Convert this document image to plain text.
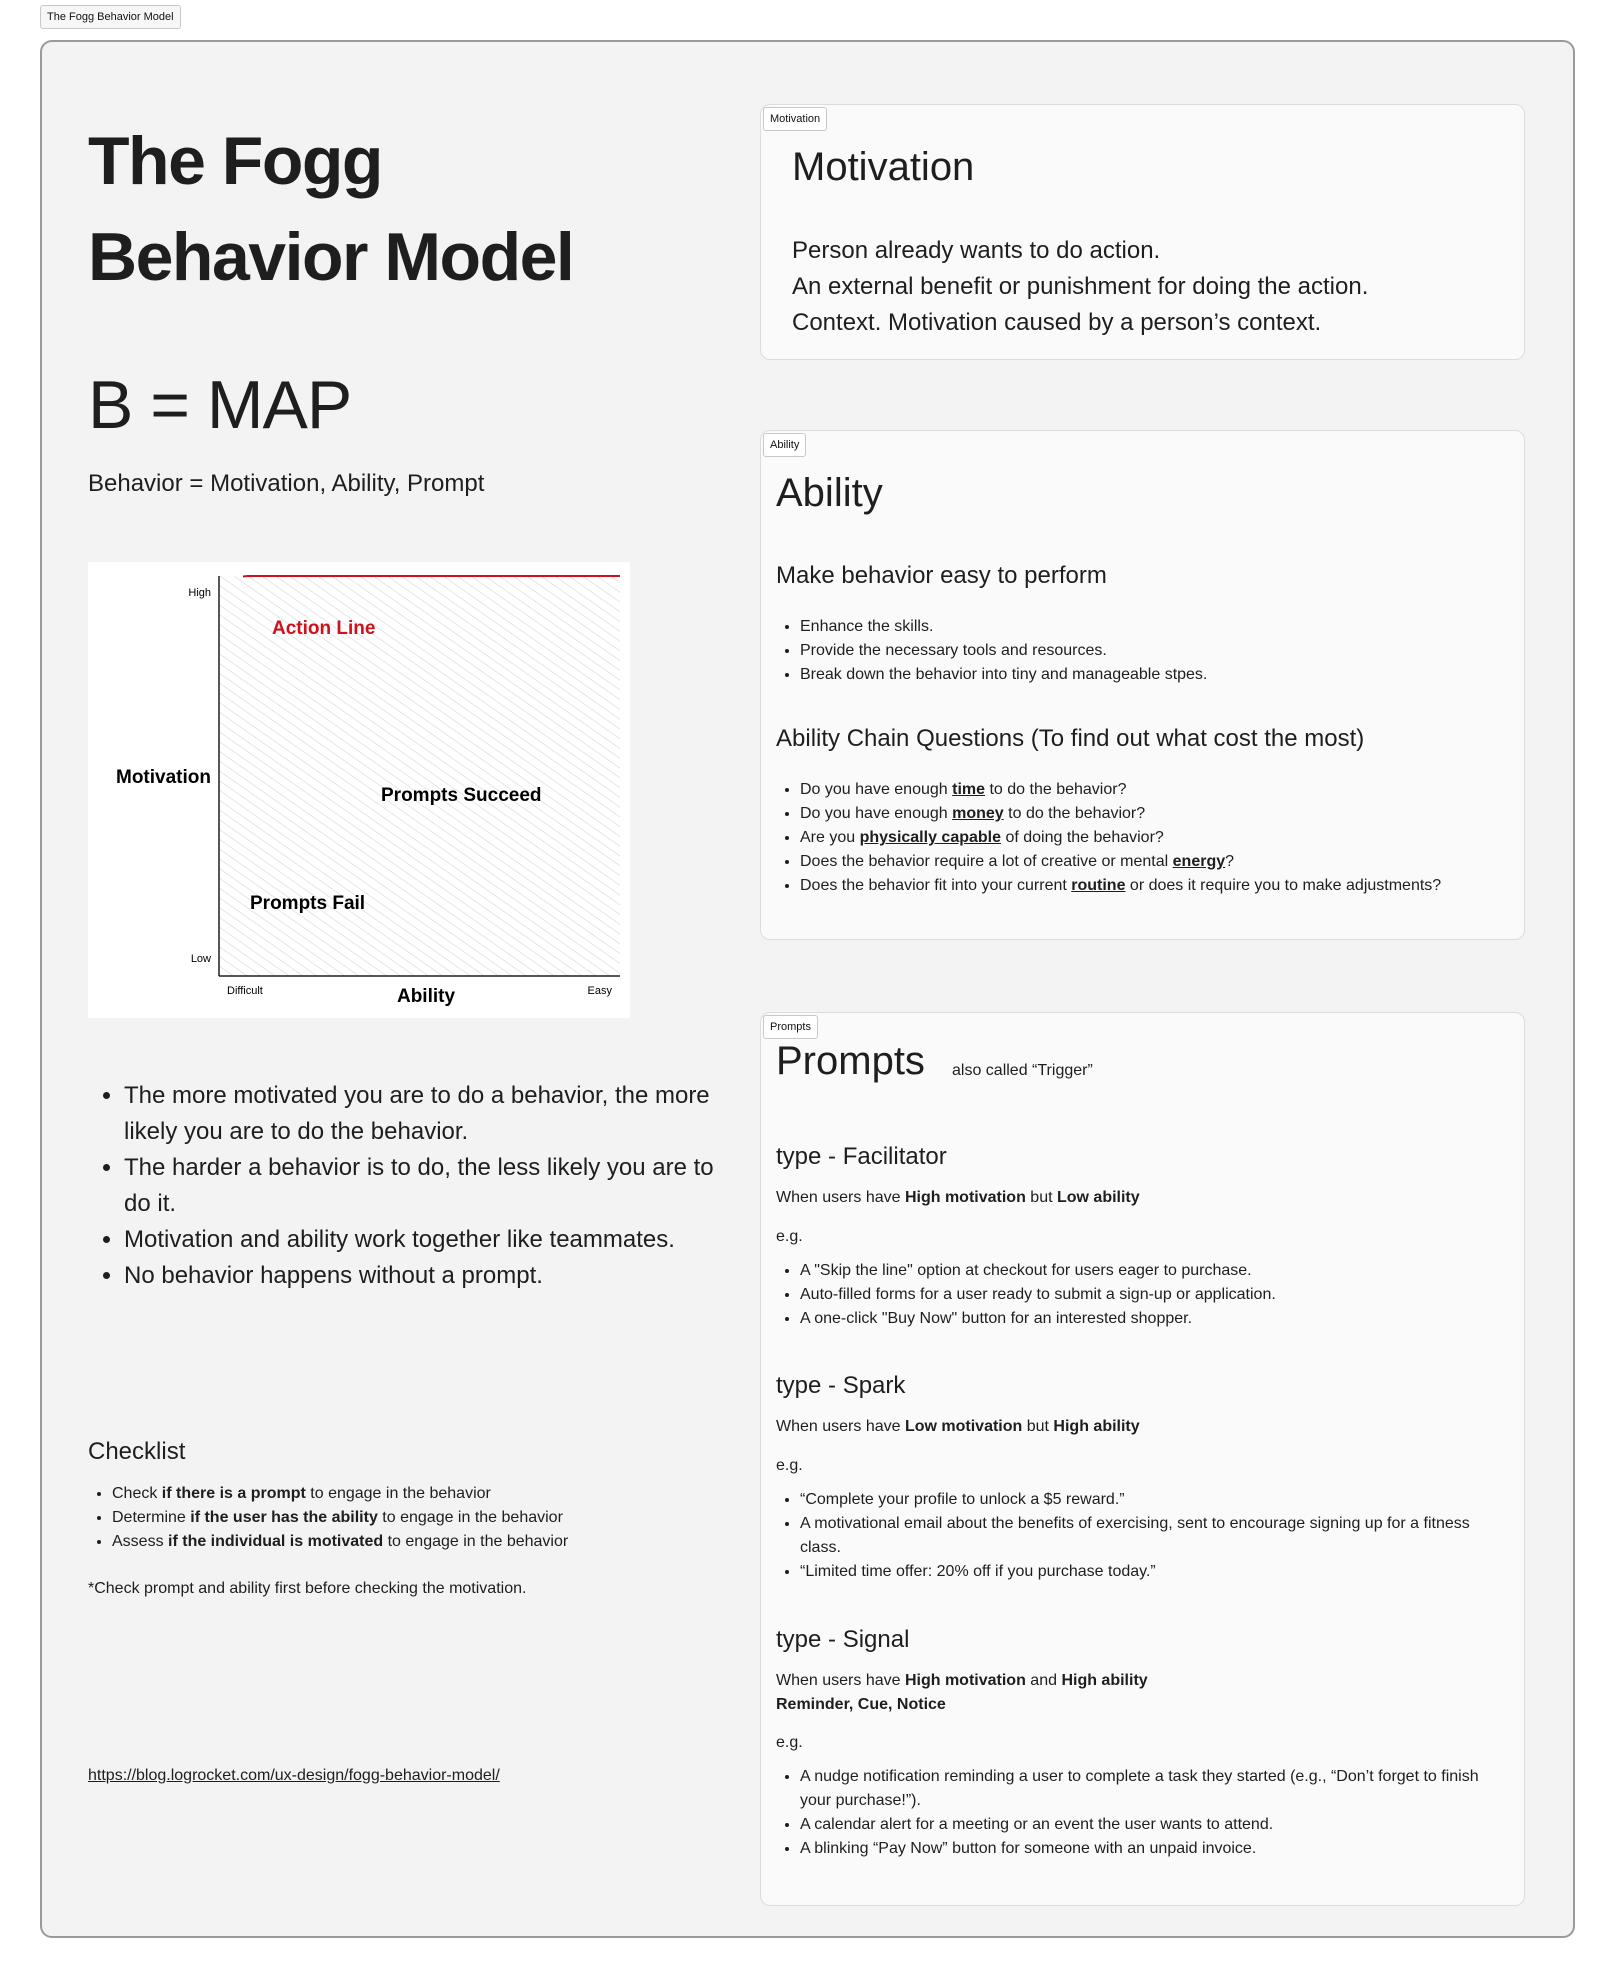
The Fogg Behavior Model
The Fogg
Behavior Model
B = MAP
Behavior = Motivation, Ability, Prompt
High
Low
Motivation
Difficult	Easy
Ability
Action Line
Prompts Succeed
Prompts Fail
• The more motivated you are to do a behavior, the more likely you are to do the behavior.
• The harder a behavior is to do, the less likely you are to do it.
• Motivation and ability work together like teammates.
• No behavior happens without a prompt.
Checklist
• Check if there is a prompt to engage in the behavior
• Determine if the user has the ability to engage in the behavior
• Assess if the individual is motivated to engage in the behavior
*Check prompt and ability first before checking the motivation.
https://blog.logrocket.com/ux-design/fogg-behavior-model/
Motivation
Motivation
Person already wants to do action.
An external benefit or punishment for doing the action.
Context. Motivation caused by a person’s context.
Ability
Ability
Make behavior easy to perform
• Enhance the skills.
• Provide the necessary tools and resources.
• Break down the behavior into tiny and manageable stpes.
Ability Chain Questions (To find out what cost the most)
• Do you have enough time to do the behavior?
• Do you have enough money to do the behavior?
• Are you physically capable of doing the behavior?
• Does the behavior require a lot of creative or mental energy?
• Does the behavior fit into your current routine or does it require you to make adjustments?
Prompts
Prompts also called “Trigger”
type - Facilitator
When users have High motivation but Low ability
e.g.
• A "Skip the line" option at checkout for users eager to purchase.
• Auto-filled forms for a user ready to submit a sign-up or application.
• A one-click "Buy Now" button for an interested shopper.
type - Spark
When users have Low motivation but High ability
e.g.
• “Complete your profile to unlock a $5 reward.”
• A motivational email about the benefits of exercising, sent to encourage signing up for a fitness class.
• “Limited time offer: 20% off if you purchase today.”
type - Signal
When users have High motivation and High ability
Reminder, Cue, Notice
e.g.
• A nudge notification reminding a user to complete a task they started (e.g., “Don’t forget to finish your purchase!”).
• A calendar alert for a meeting or an event the user wants to attend.
• A blinking “Pay Now” button for someone with an unpaid invoice.
